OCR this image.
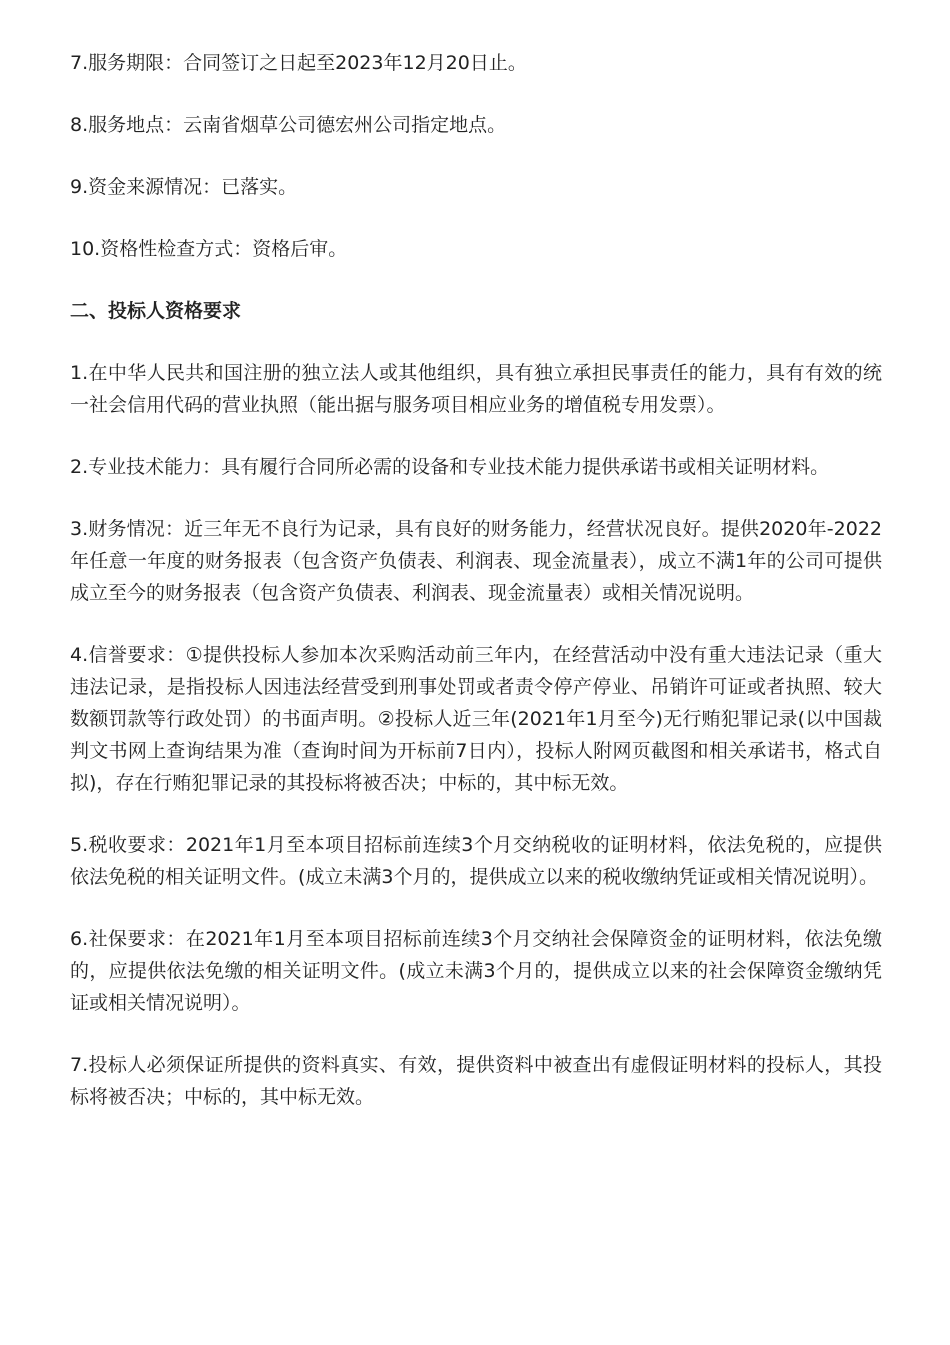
7.服务期限：合同签订之日起至2023年12月20日止。

8.服务地点：云南省烟草公司德宏州公司指定地点。

9.资金来源情况：已落实。

10.资格性检查方式：资格后审。

二、投标人资格要求

1.在中华人民共和国注册的独立法人或其他组织，具有独立承担民事责任的能力，具有有效的统一社会信用代码的营业执照（能出据与服务项目相应业务的增值税专用发票）。

2.专业技术能力：具有履行合同所必需的设备和专业技术能力提供承诺书或相关证明材料。

3.财务情况：近三年无不良行为记录，具有良好的财务能力，经营状况良好。提供2020年-2022年任意一年度的财务报表（包含资产负债表、利润表、现金流量表），成立不满1年的公司可提供成立至今的财务报表（包含资产负债表、利润表、现金流量表）或相关情况说明。

4.信誉要求：①提供投标人参加本次采购活动前三年内，在经营活动中没有重大违法记录（重大违法记录，是指投标人因违法经营受到刑事处罚或者责令停产停业、吊销许可证或者执照、较大数额罚款等行政处罚）的书面声明。②投标人近三年(2021年1月至今)无行贿犯罪记录(以中国裁判文书网上查询结果为准（查询时间为开标前7日内），投标人附网页截图和相关承诺书，格式自拟)，存在行贿犯罪记录的其投标将被否决；中标的，其中标无效。

5.税收要求：2021年1月至本项目招标前连续3个月交纳税收的证明材料，依法免税的，应提供依法免税的相关证明文件。(成立未满3个月的，提供成立以来的税收缴纳凭证或相关情况说明）。

6.社保要求：在2021年1月至本项目招标前连续3个月交纳社会保障资金的证明材料，依法免缴的，应提供依法免缴的相关证明文件。(成立未满3个月的，提供成立以来的社会保障资金缴纳凭证或相关情况说明）。

7.投标人必须保证所提供的资料真实、有效，提供资料中被查出有虚假证明材料的投标人，其投标将被否决；中标的，其中标无效。
